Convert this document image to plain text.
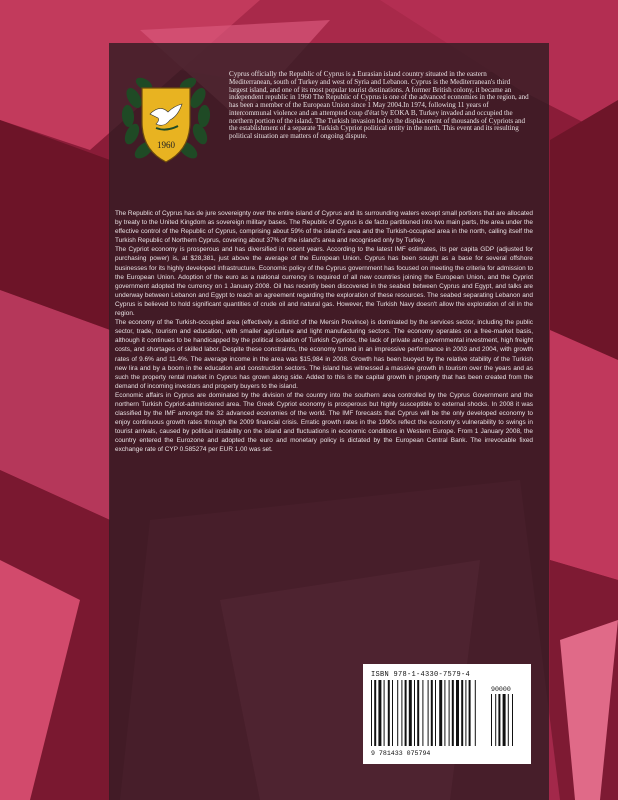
1960

Cyprus officially the Republic of Cyprus is a Eurasian island country situated in the eastern Mediterranean, south of Turkey and west of Syria and Lebanon. Cyprus is the Mediterranean's third largest island, and one of its most popular tourist destinations. A former British colony, it became an independent republic in 1960 The Republic of Cyprus is one of the advanced economies in the region, and has been a member of the European Union since 1 May 2004.In 1974, following 11 years of intercommunal violence and an attempted coup d'état by EOKA B, Turkey invaded and occupied the northern portion of the island. The Turkish invasion led to the displacement of thousands of Cypriots and the establishment of a separate Turkish Cypriot political entity in the north. This event and its resulting political situation are matters of ongoing dispute.

The Republic of Cyprus has de jure sovereignty over the entire island of Cyprus and its surrounding waters except small portions that are allocated by treaty to the United Kingdom as sovereign military bases. The Republic of Cyprus is de facto partitioned into two main parts, the area under the effective control of the Republic of Cyprus, comprising about 59% of the island's area and the Turkish-occupied area in the north, calling itself the Turkish Republic of Northern Cyprus, covering about 37% of the island's area and recognised only by Turkey.

The Cypriot economy is prosperous and has diversified in recent years. According to the latest IMF estimates, its per capita GDP (adjusted for purchasing power) is, at $28,381, just above the average of the European Union. Cyprus has been sought as a base for several offshore businesses for its highly developed infrastructure. Economic policy of the Cyprus government has focused on meeting the criteria for admission to the European Union. Adoption of the euro as a national currency is required of all new countries joining the European Union, and the Cypriot government adopted the currency on 1 January 2008. Oil has recently been discovered in the seabed between Cyprus and Egypt, and talks are underway between Lebanon and Egypt to reach an agreement regarding the exploration of these resources. The seabed separating Lebanon and Cyprus is believed to hold significant quantities of crude oil and natural gas. However, the Turkish Navy doesn't allow the exploration of oil in the region.

The economy of the Turkish-occupied area (effectively a district of the Mersin Province) is dominated by the services sector, including the public sector, trade, tourism and education, with smaller agriculture and light manufacturing sectors. The economy operates on a free-market basis, although it continues to be handicapped by the political isolation of Turkish Cypriots, the lack of private and governmental investment, high freight costs, and shortages of skilled labor. Despite these constraints, the economy turned in an impressive performance in 2003 and 2004, with growth rates of 9.6% and 11.4%. The average income in the area was $15,984 in 2008. Growth has been buoyed by the relative stability of the Turkish new lira and by a boom in the education and construction sectors. The island has witnessed a massive growth in tourism over the years and as such the property rental market in Cyprus has grown along side. Added to this is the capital growth in property that has been created from the demand of incoming investors and property buyers to the island.

Economic affairs in Cyprus are dominated by the division of the country into the southern area controlled by the Cyprus Government and the northern Turkish Cypriot-administered area. The Greek Cypriot economy is prosperous but highly susceptible to external shocks. In 2008 it was classified by the IMF amongst the 32 advanced economies of the world. The IMF forecasts that Cyprus will be the only developed economy to enjoy continuous growth rates through the 2009 financial crisis. Erratic growth rates in the 1990s reflect the economy's vulnerability to swings in tourist arrivals, caused by political instability on the island and fluctuations in economic conditions in Western Europe. From 1 January 2008, the country entered the Eurozone and adopted the euro and monetary policy is dictated by the European Central Bank. The irrevocable fixed exchange rate of CYP 0.585274 per EUR 1.00 was set.

ISBN 978-1-4330-7579-4
9 781433 075794
90000
